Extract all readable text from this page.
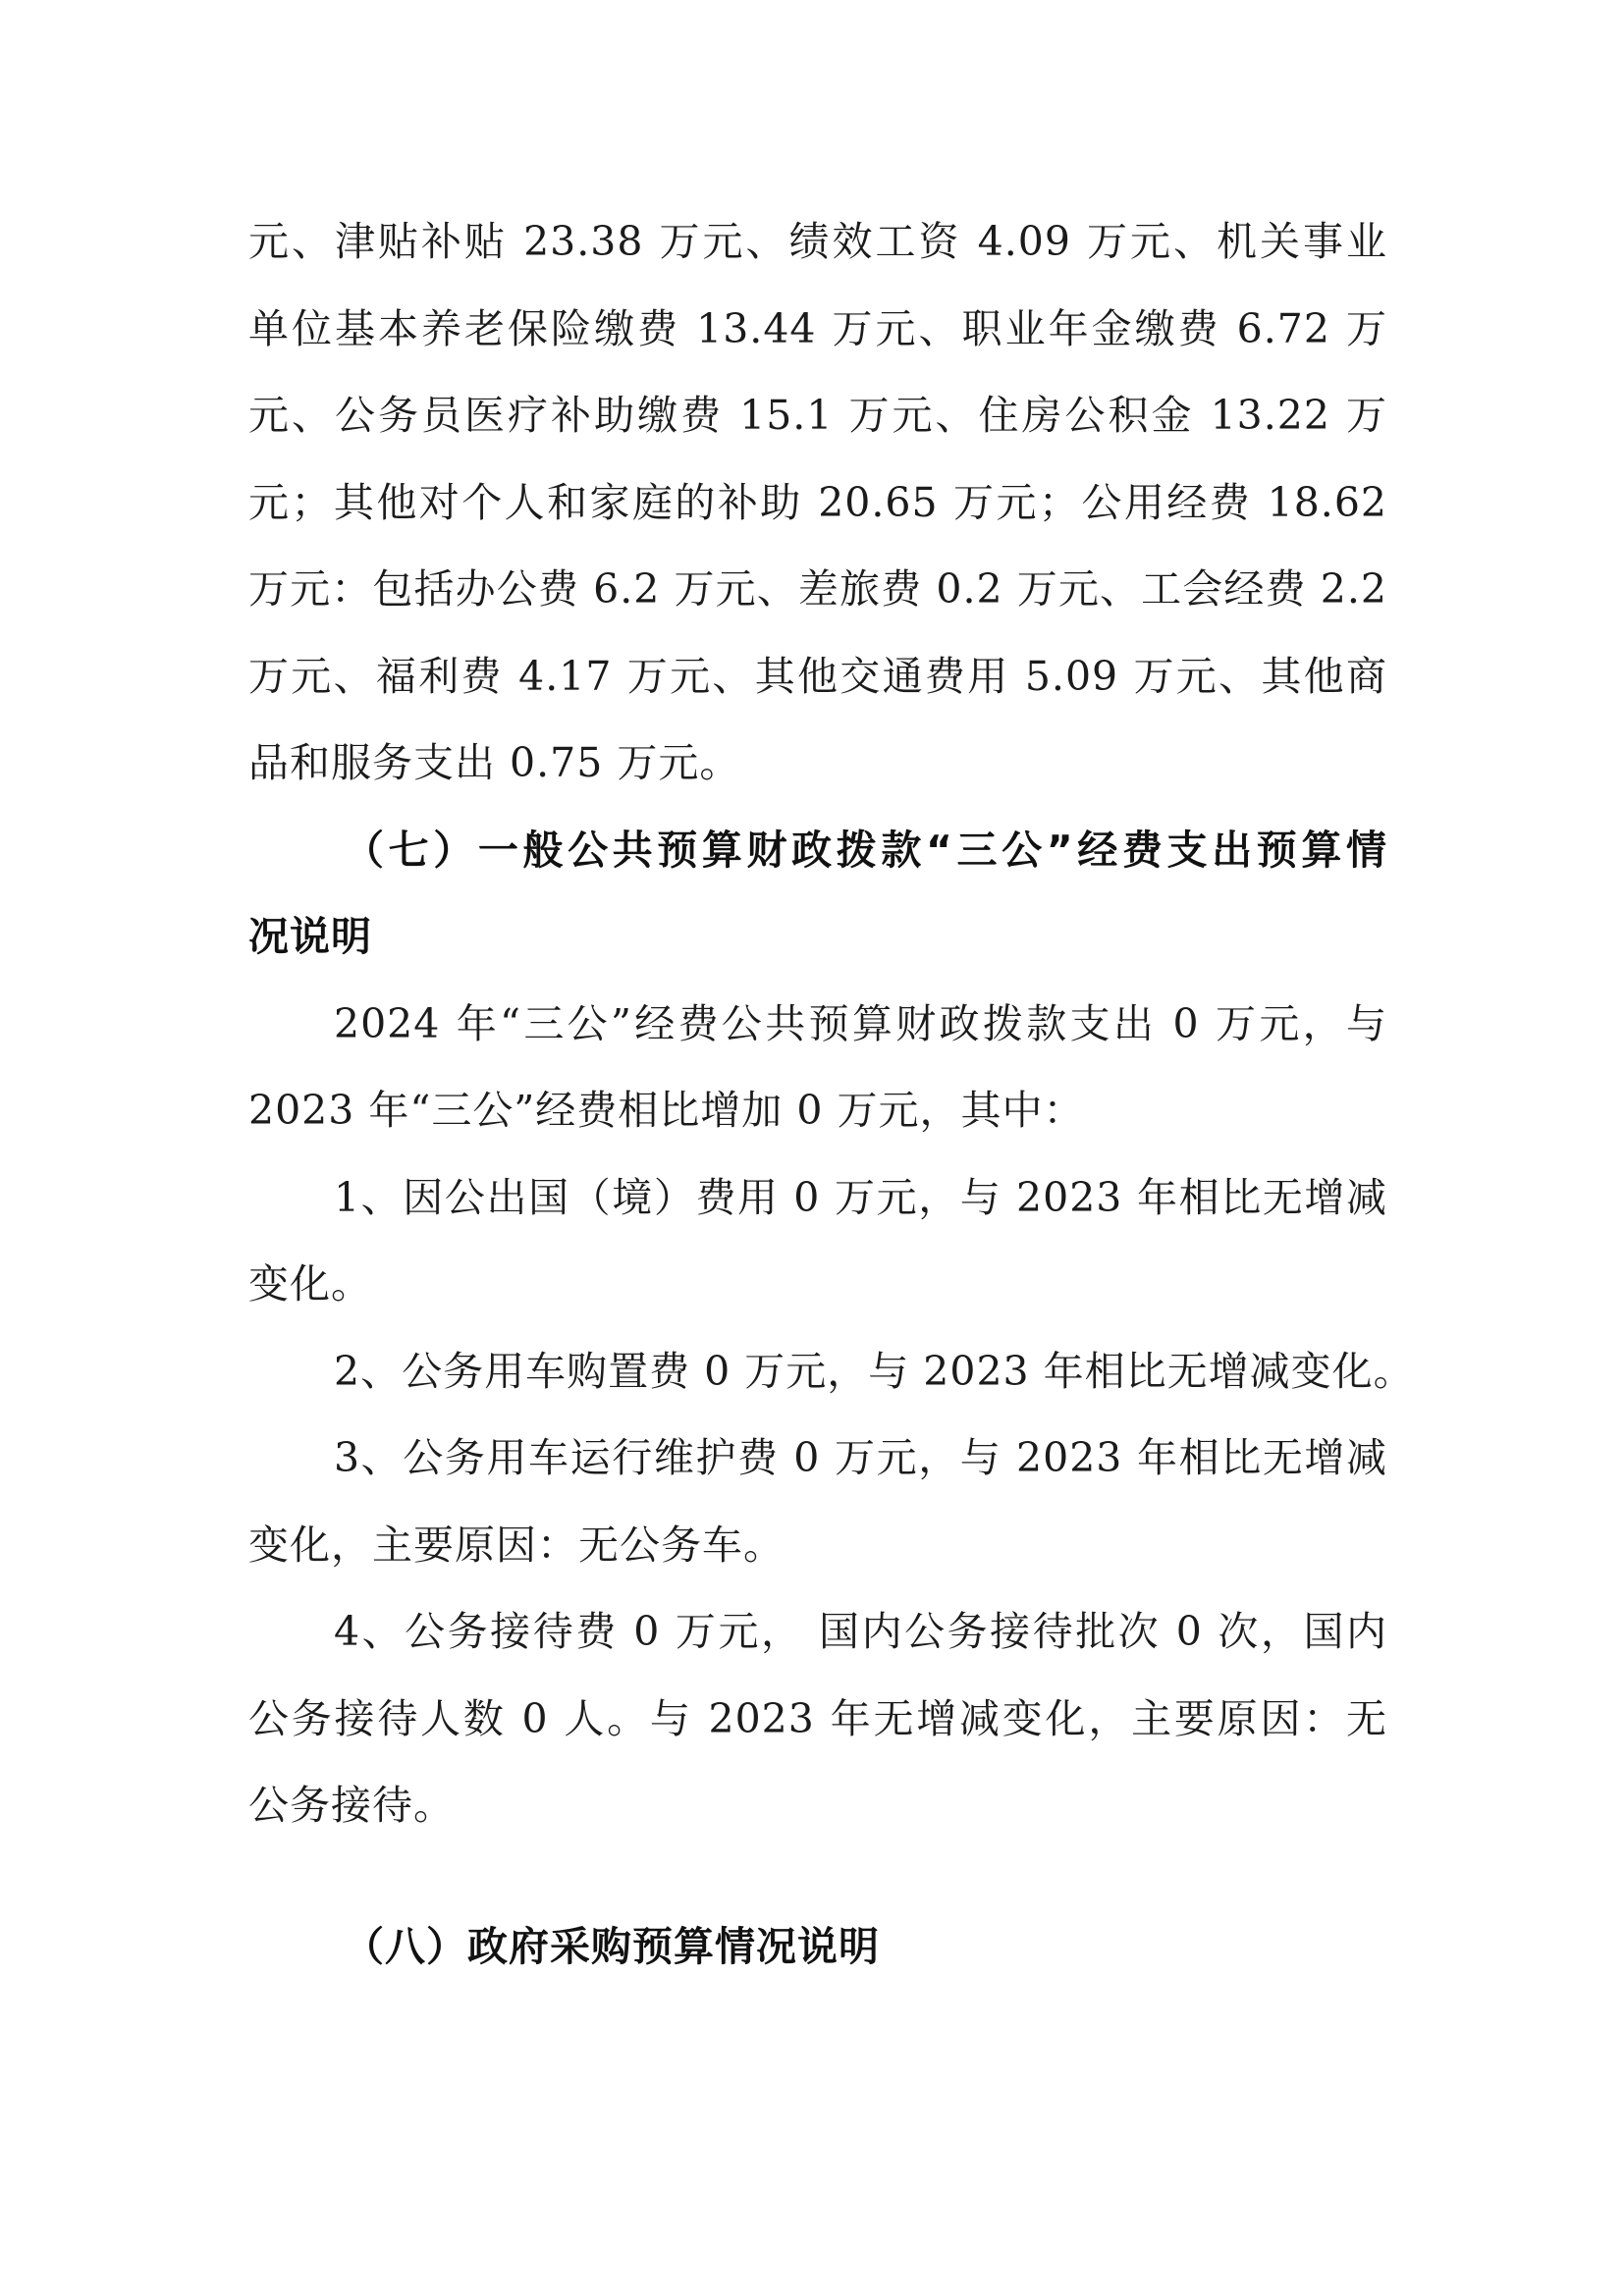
元、津贴补贴 23.38 万元、绩效工资 4.09 万元、机关事业
单位基本养老保险缴费 13.44 万元、职业年金缴费 6.72 万
元、公务员医疗补助缴费 15.1 万元、住房公积金 13.22 万
元；其他对个人和家庭的补助 20.65 万元；公用经费 18.62
万元：包括办公费 6.2 万元、差旅费 0.2 万元、工会经费 2.2
万元、福利费 4.17 万元、其他交通费用 5.09 万元、其他商
品和服务支出 0.75 万元。
（七）一般公共预算财政拨款“三公”经费支出预算情
况说明
2024 年“三公”经费公共预算财政拨款支出 0 万元，与
2023 年“三公”经费相比增加 0 万元，其中：
1、因公出国（境）费用 0 万元，与 2023 年相比无增减
变化。
2、公务用车购置费 0 万元，与 2023 年相比无增减变化。
3、公务用车运行维护费 0 万元，与 2023 年相比无增减
变化，主要原因：无公务车。
4、公务接待费 0 万元， 国内公务接待批次 0 次，国内
公务接待人数 0 人。与 2023 年无增减变化，主要原因：无
公务接待。
（八）政府采购预算情况说明
